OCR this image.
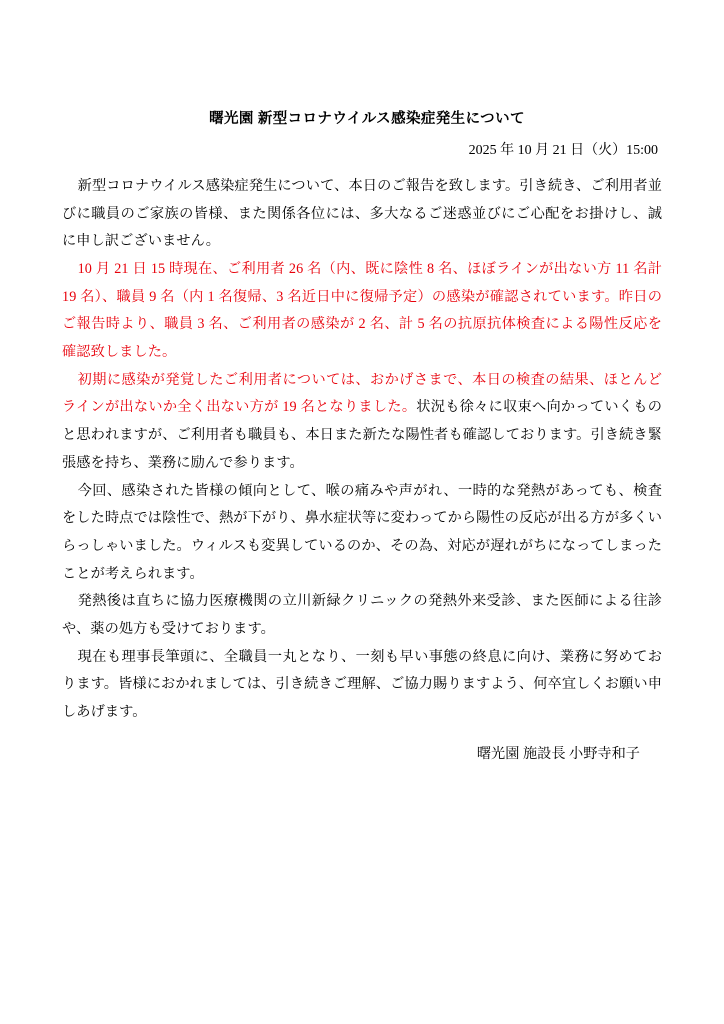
曙光園 新型コロナウイルス感染症発生について
2025 年 10 月 21 日（火）15:00

新型コロナウイルス感染症発生について、本日のご報告を致します。引き続き、ご利用者並びに職員のご家族の皆様、また関係各位には、多大なるご迷惑並びにご心配をお掛けし、誠に申し訳ございません。

10 月 21 日 15 時現在、ご利用者 26 名（内、既に陰性 8 名、ほぼラインが出ない方 11 名計 19 名）、職員 9 名（内 1 名復帰、3 名近日中に復帰予定）の感染が確認されています。昨日のご報告時より、職員 3 名、ご利用者の感染が 2 名、計 5 名の抗原抗体検査による陽性反応を確認致しました。

初期に感染が発覚したご利用者については、おかげさまで、本日の検査の結果、ほとんどラインが出ないか全く出ない方が 19 名となりました。状況も徐々に収束へ向かっていくものと思われますが、ご利用者も職員も、本日また新たな陽性者も確認しております。引き続き緊張感を持ち、業務に励んで参ります。

今回、感染された皆様の傾向として、喉の痛みや声がれ、一時的な発熱があっても、検査をした時点では陰性で、熱が下がり、鼻水症状等に変わってから陽性の反応が出る方が多くいらっしゃいました。ウィルスも変異しているのか、その為、対応が遅れがちになってしまったことが考えられます。

発熱後は直ちに協力医療機関の立川新緑クリニックの発熱外来受診、また医師による往診や、薬の処方も受けております。

現在も理事長筆頭に、全職員一丸となり、一刻も早い事態の終息に向け、業務に努めております。皆様におかれましては、引き続きご理解、ご協力賜りますよう、何卒宜しくお願い申しあげます。

曙光園 施設長 小野寺和子
